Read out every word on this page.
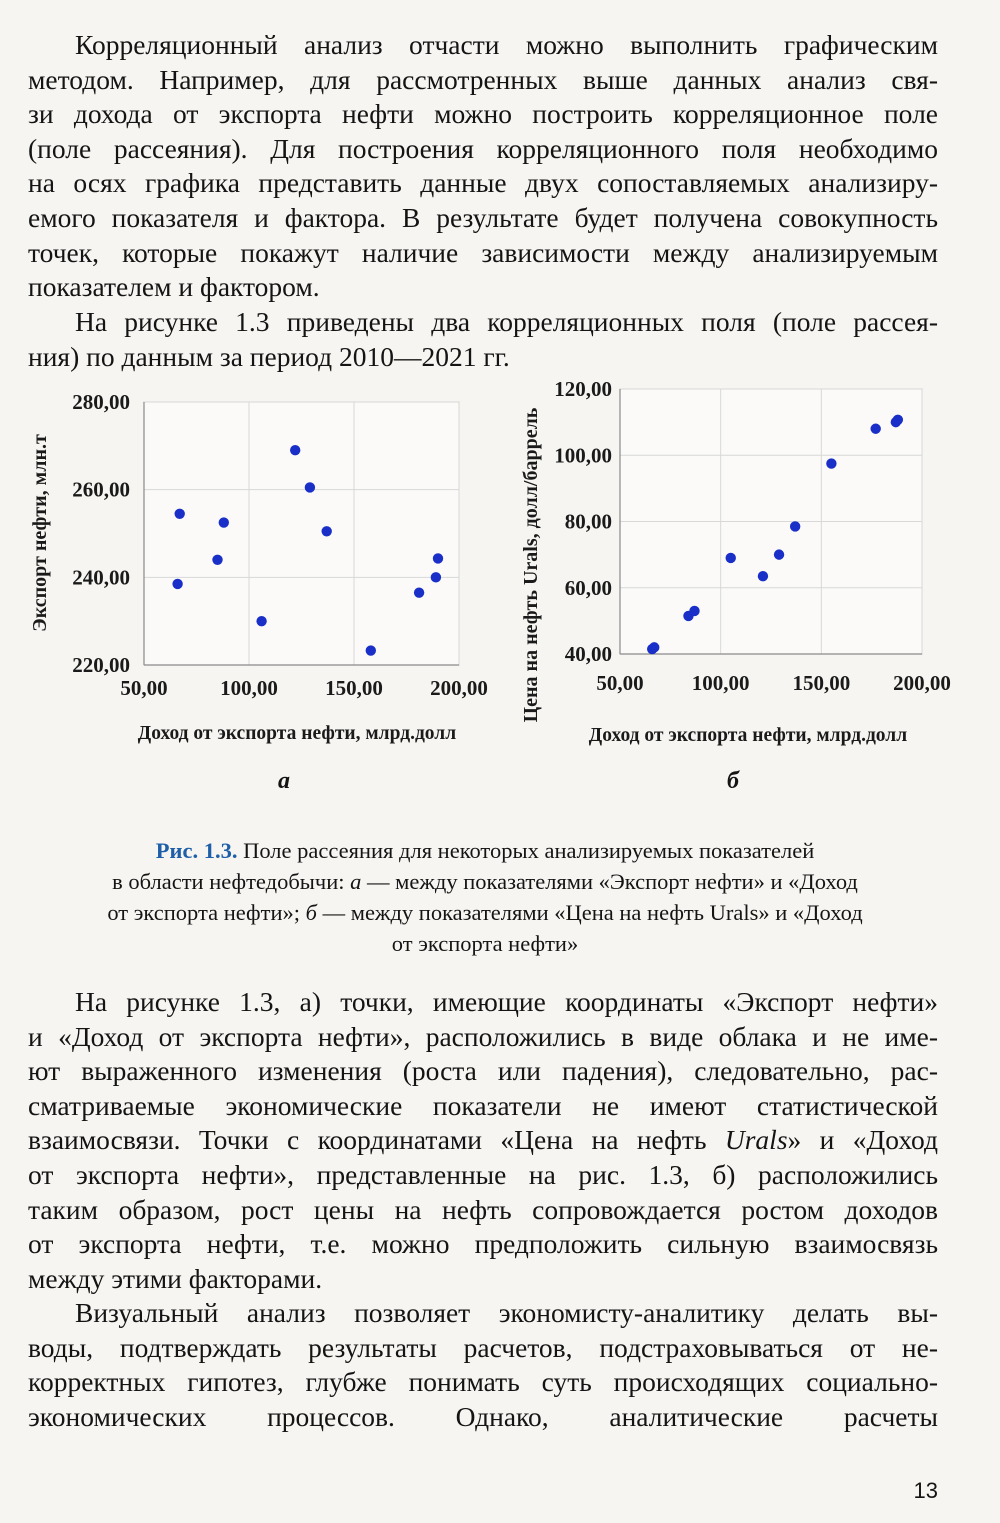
Корреляционный анализ отчасти можно выполнить графическим
методом. Например, для рассмотренных выше данных анализ свя-
зи дохода от экспорта нефти можно построить корреляционное поле
(поле рассеяния). Для построения корреляционного поля необходимо
на осях графика представить данные двух сопоставляемых анализиру-
емого показателя и фактора. В результате будет получена совокупность
точек, которые покажут наличие зависимости между анализируемым
показателем и фактором.
На рисунке 1.3 приведены два корреляционных поля (поле рассея-
ния) по данным за период 2010—2021 гг.
50,00	100,00 150,00 200,00
220,00
240,00
260,00
280,00
Доход от экспорта нефти, млрд.долл
Экспорт нефти, млн.т
50,00 100,00 150,00 200,00
40,00
60,00
80,00
100,00
120,00
Доход от экспорта нефти, млрд.долл
Цена на нефть Urals, долл/баррель
а	б
Рис. 1.3. Поле рассеяния для некоторых анализируемых показателей
в области нефтедобычи: а — между показателями «Экспорт нефти» и «Доход
от экспорта нефти»; б — между показателями «Цена на нефть Urals» и «Доход
от экспорта нефти»
На рисунке 1.3, а) точки, имеющие координаты «Экспорт нефти»
и «Доход от экспорта нефти», расположились в виде облака и не име-
ют выраженного изменения (роста или падения), следовательно, рас-
сматриваемые экономические показатели не имеют статистической
взаимосвязи. Точки с координатами «Цена на нефть Urals» и «Доход
от экспорта нефти», представленные на рис. 1.3, б) расположились
таким образом, рост цены на нефть сопровождается ростом доходов
от экспорта нефти, т.е. можно предположить сильную взаимосвязь
между этими факторами.
Визуальный анализ позволяет экономисту-аналитику делать вы-
воды, подтверждать результаты расчетов, подстраховываться от не-
корректных гипотез, глубже понимать суть происходящих социально-
экономических процессов. Однако, аналитические расчеты
13
